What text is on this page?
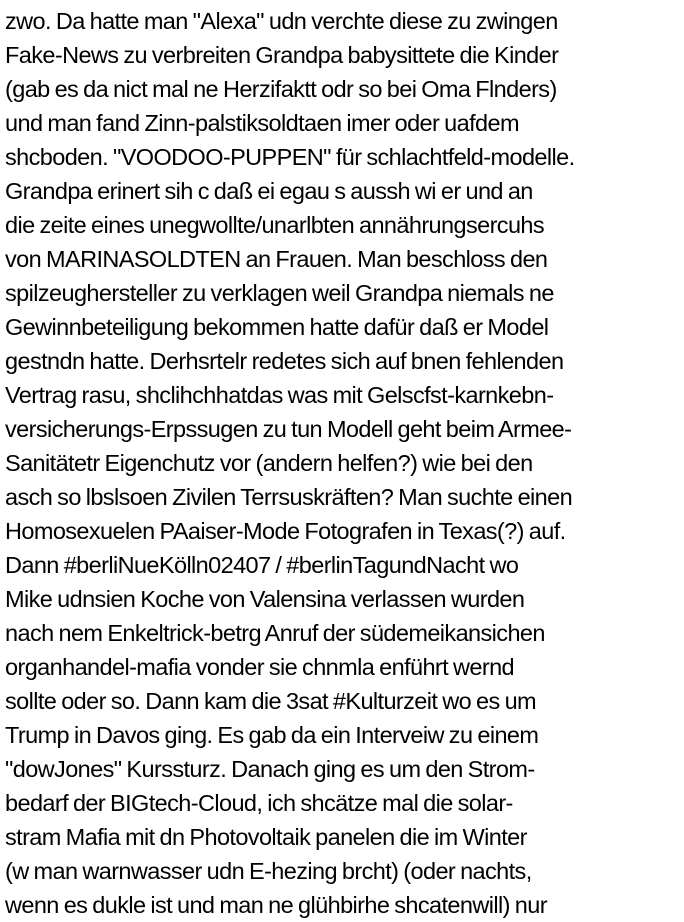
zwo. Da hatte man "Alexa" udn verchte diese zu zwingen
Fake-News zu verbreiten Grandpa babysittete die Kinder
(gab es da nict mal ne Herzifaktt odr so bei Oma Flnders)
und man fand Zinn-palstiksoldtaen imer oder uafdem
shcboden. "VOODOO-PUPPEN" für schlachtfeld-modelle.
Grandpa erinert sih c daß ei egau s aussh wi er und an
die zeite eines unegwollte/unarlbten annährungsercuhs
von MARINASOLDTEN an Frauen. Man beschloss den
spilzeughersteller zu verklagen weil Grandpa niemals ne
Gewinnbeteiligung bekommen hatte dafür daß er Model
gestndn hatte. Derhsrtelr redetes sich auf bnen fehlenden
Vertrag rasu, shclihchhatdas was mit Gelscfst-karnkebn-
versicherungs-Erpssugen zu tun Modell geht beim Armee-
Sanitätetr Eigenchutz vor (andern helfen?) wie bei den
asch so lbslsoen Zivilen Terrsuskräften? Man suchte einen
Homosexuelen PAaiser-Mode Fotografen in Texas(?) auf.
Dann #berliNueKölln02407 / #berlinTagundNacht wo
Mike udnsien Koche von Valensina verlassen wurden
nach nem Enkeltrick-betrg Anruf der südemeikansichen
organhandel-mafia vonder sie chnmla enführt wernd
sollte oder so. Dann kam die 3sat #Kulturzeit wo es um
Trump in Davos ging. Es gab da ein Interveiw zu einem
"dowJones" Kurssturz. Danach ging es um den Strom-
bedarf der BIGtech-Cloud, ich shcätze mal die solar-
stram Mafia mit dn Photovoltaik panelen die im Winter
(w man warnwasser udn E-hezing brcht) (oder nachts,
wenn es dukle ist und man ne glühbirhe shcatenwill) nur
